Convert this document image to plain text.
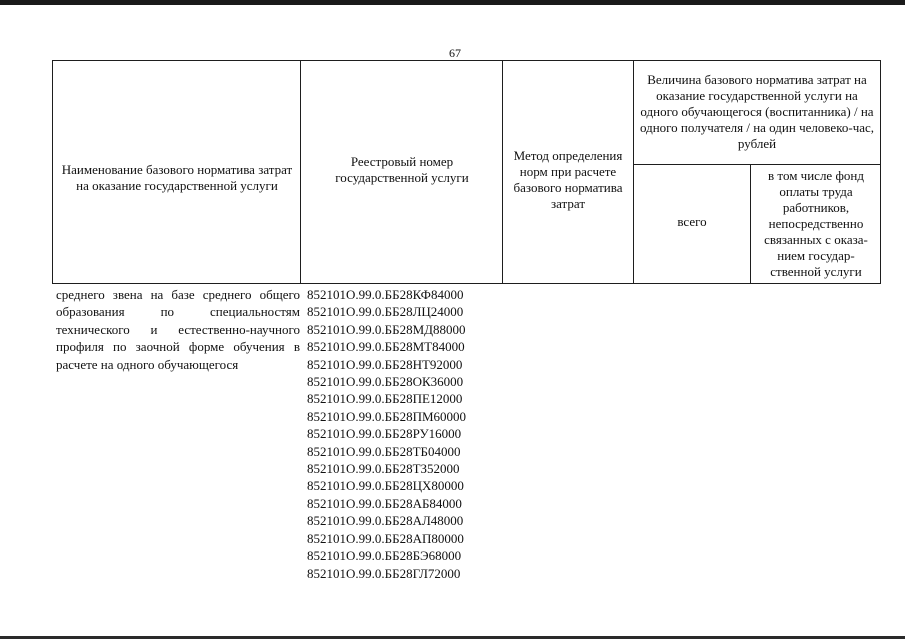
67
Наименование базового норматива затрат на оказание государственной услуги
Реестровый номер государственной услуги
Метод определения норм при расчете базового норматива затрат
Величина базового норматива затрат на оказание государственной услуги на одного обучающегося (воспитанника) / на одного получателя / на один человеко-час, рублей
всего
в том числе фонд оплаты труда работников, непосредственно связанных с оказа-нием государ-ственной услуги
среднего звена на базе среднего общего образования по специальностям технического и естественно-научного профиля по заочной форме обучения в расчете на одного обучающегося
852101О.99.0.ББ28КФ84000
852101О.99.0.ББ28ЛЦ24000
852101О.99.0.ББ28МД88000
852101О.99.0.ББ28МТ84000
852101О.99.0.ББ28НТ92000
852101О.99.0.ББ28ОК36000
852101О.99.0.ББ28ПЕ12000
852101О.99.0.ББ28ПМ60000
852101О.99.0.ББ28РУ16000
852101О.99.0.ББ28ТБ04000
852101О.99.0.ББ28ТЗ52000
852101О.99.0.ББ28ЦХ80000
852101О.99.0.ББ28АБ84000
852101О.99.0.ББ28АЛ48000
852101О.99.0.ББ28АП80000
852101О.99.0.ББ28БЭ68000
852101О.99.0.ББ28ГЛ72000
